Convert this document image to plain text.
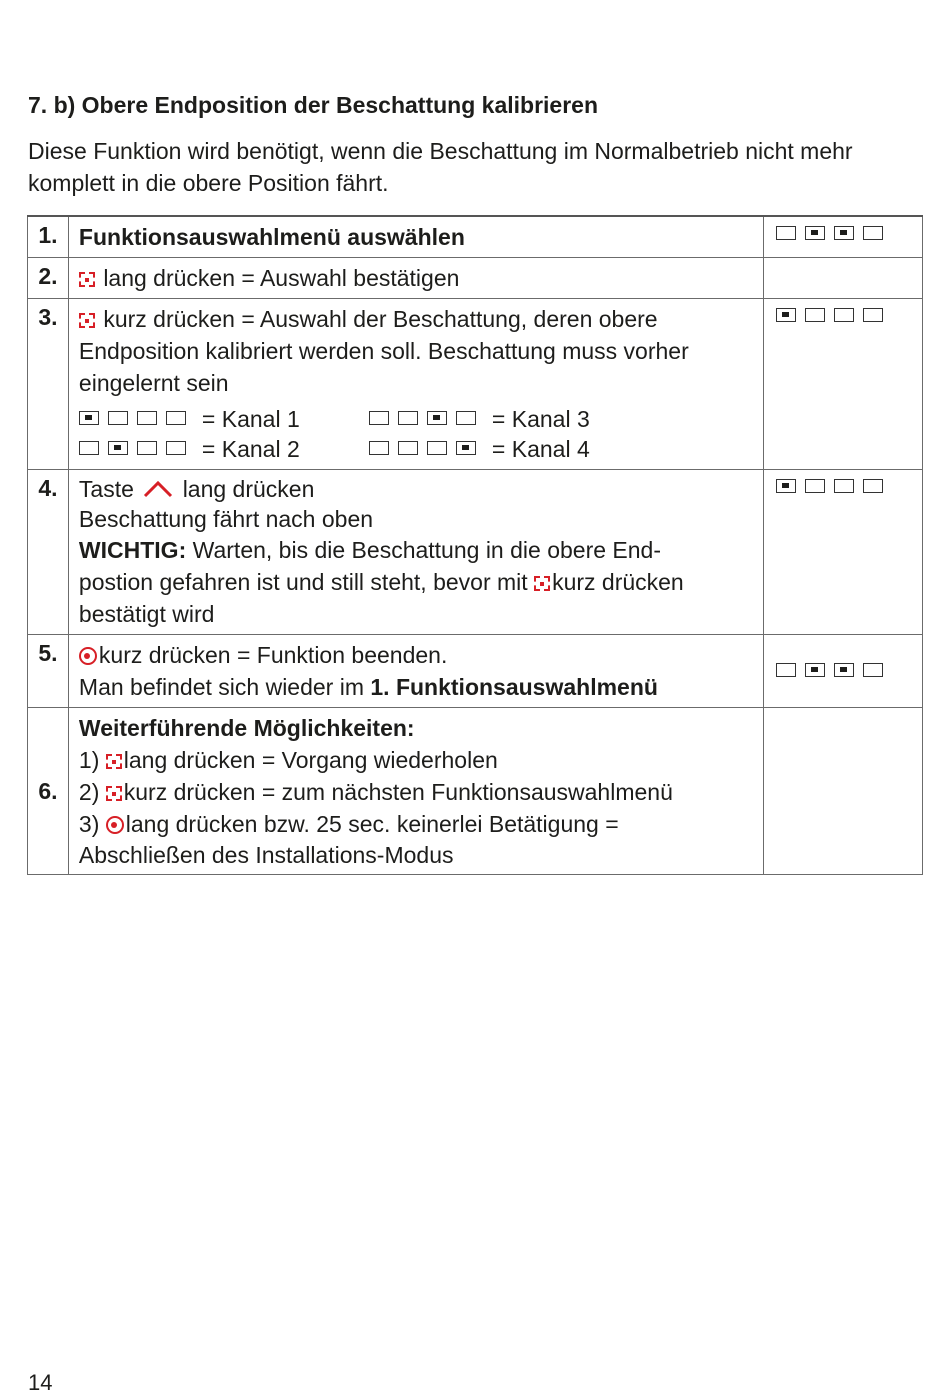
7. b) Obere Endposition der Beschattung kalibrieren
Diese Funktion wird benötigt, wenn die Beschattung im Normalbetrieb nicht mehr komplett in die obere Position fährt.
1.	Funktionsauswahlmenü auswählen	

2.	lang drücken = Auswahl bestätigen	
3.	kurz drücken = Auswahl der Beschattung, deren obere Endposition kalibriert werden soll. Beschattung muss vorher eingelernt sein
= Kanal 1 = Kanal 3
= Kanal 2 = Kanal 4	

4.	Taste lang drücken
Beschattung fährt nach oben
WICHTIG: Warten, bis die Beschattung in die obere End-
postion gefahren ist und still steht, bevor mit kurz drücken
bestätigt wird	

5.	kurz drücken = Funktion beenden.
Man befindet sich wieder im 1. Funktionsauswahlmenü	

6.	Weiterführende Möglichkeiten:
1) lang drücken = Vorgang wiederholen
2) kurz drücken = zum nächsten Funktionsauswahlmenü
3) lang drücken bzw. 25 sec. keinerlei Betätigung =
Abschließen des Installations-Modus	

14
